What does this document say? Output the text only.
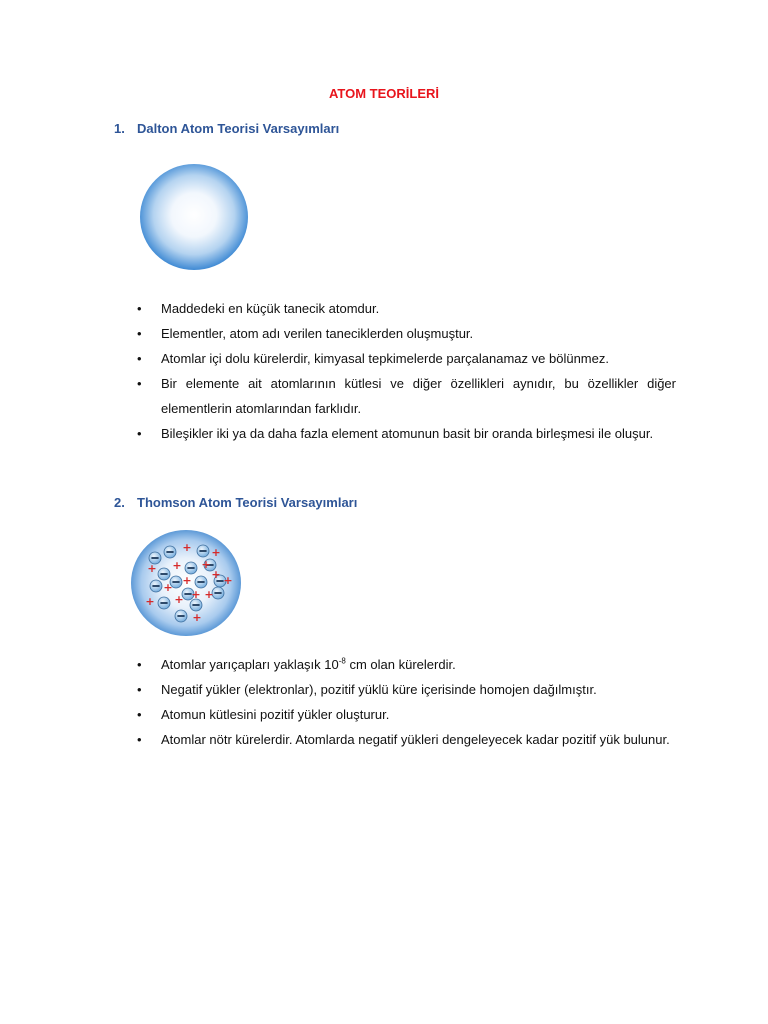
ATOM TEORİLERİ
1. Dalton Atom Teorisi Varsayımları
• Maddedeki en küçük tanecik atomdur.
• Elementler, atom adı verilen taneciklerden oluşmuştur.
• Atomlar içi dolu kürelerdir, kimyasal tepkimelerde parçalanamaz ve bölünmez.
• Bir elemente ait atomlarının kütlesi ve diğer özellikleri aynıdır, bu özellikler diğer elementlerin atomlarından farklıdır.
• Bileşikler iki ya da daha fazla element atomunun basit bir oranda birleşmesi ile oluşur.
2. Thomson Atom Teorisi Varsayımları
+ +
+ + +
+ + +
+
+ +
+ +
+
• Atomlar yarıçapları yaklaşık $10^{-8}$ cm olan kürelerdir.
• Negatif yükler (elektronlar), pozitif yüklü küre içerisinde homojen dağılmıştır.
• Atomun kütlesini pozitif yükler oluşturur.
• Atomlar nötr kürelerdir. Atomlarda negatif yükleri dengeleyecek kadar pozitif yük bulunur.
